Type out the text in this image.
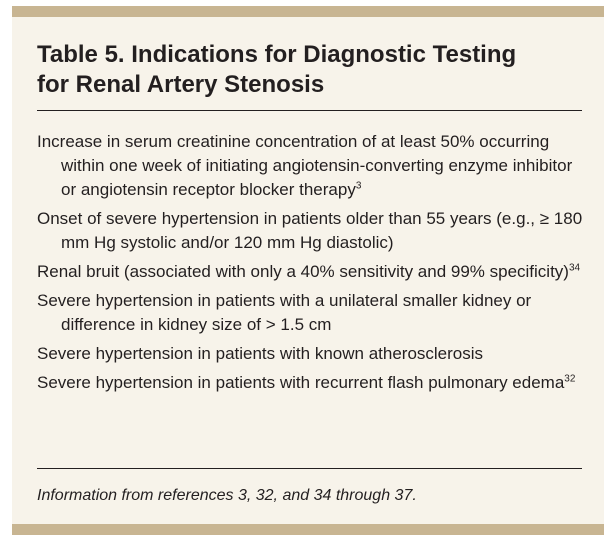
Table 5. Indications for Diagnostic Testing
for Renal Artery Stenosis
Increase in serum creatinine concentration of at least 50% occurring within one week of initiating angiotensin-converting enzyme inhibitor or angiotensin receptor blocker therapy$^3$
Onset of severe hypertension in patients older than 55 years (e.g., ≥ 180 mm Hg systolic and/or 120 mm Hg diastolic)
Renal bruit (associated with only a 40% sensitivity and 99% specificity)$^{34}$
Severe hypertension in patients with a unilateral smaller kidney or difference in kidney size of > 1.5 cm
Severe hypertension in patients with known atherosclerosis
Severe hypertension in patients with recurrent flash pulmonary edema$^{32}$

Information from references 3, 32, and 34 through 37.
